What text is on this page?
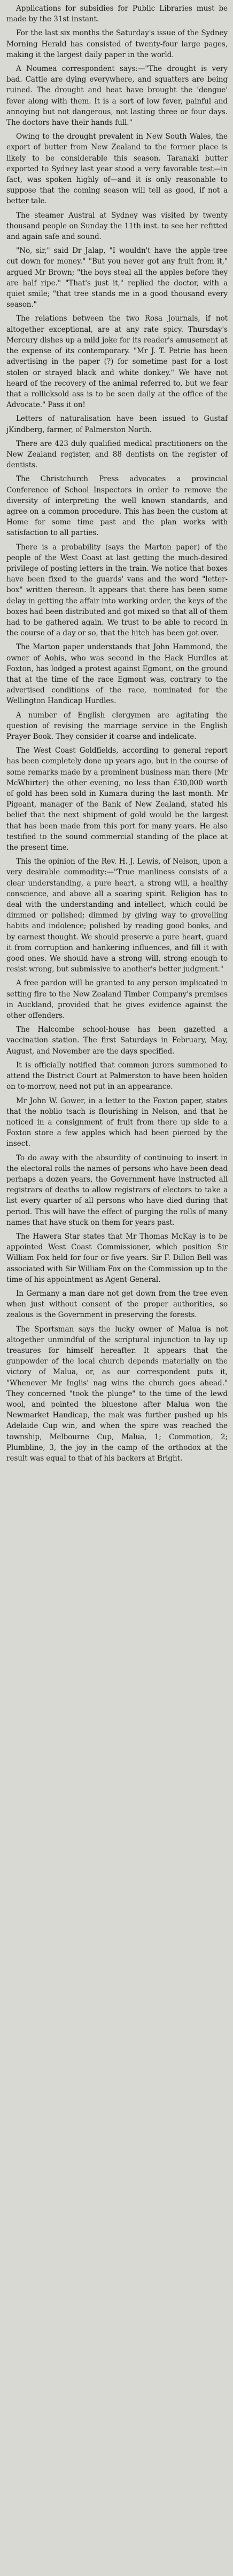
Applications for subsidies for Public Libraries must be made by the 31st instant.

For the last six months the Saturday's issue of the Sydney Morning Herald has consisted of twenty-four large pages, making it the largest daily paper in the world.

A Noumea correspondent says:—"The drought is very bad. Cattle are dying everywhere, and squatters are being ruined. The drought and heat have brought the 'dengue' fever along with them. It is a sort of low fever, painful and annoying but not dangerous, not lasting three or four days. The doctors have their hands full."

Owing to the drought prevalent in New South Wales, the export of butter from New Zealand to the former place is likely to be considerable this season. Taranaki butter exported to Sydney last year stood a very favorable test—in fact, was spoken highly of—and it is only reasonable to suppose that the coming season will tell as good, if not a better tale.

The steamer Austral at Sydney was visited by twenty thousand people on Sunday the 11th inst. to see her refitted and again safe and sound.

"No, sir," said Dr Jalap, "I wouldn't have the apple-tree cut down for money." "But you never got any fruit from it," argued Mr Brown; "the boys steal all the apples before they are half ripe." "That's just it," replied the doctor, with a quiet smile; "that tree stands me in a good thousand every season."

The relations between the two Rosa Journals, if not altogether exceptional, are at any rate spicy. Thursday's Mercury dishes up a mild joke for its reader's amusement at the expense of its contemporary. "Mr J. T. Petrie has been advertising in the paper (?) for sometime past for a lost stolen or strayed black and white donkey." We have not heard of the recovery of the animal referred to, but we fear that a rollicksold ass is to be seen daily at the office of the Advocate." Pass it on!

Letters of naturalisation have been issued to Gustaf jKindberg, farmer, of Palmerston North.

There are 423 duly qualified medical practitioners on the New Zealand register, and 88 dentists on the register of dentists.

The Christchurch Press advocates a provincial Conference of School Inspectors in order to remove the diversity of interpreting the well known standards, and agree on a common procedure. This has been the custom at Home for some time past and the plan works with satisfaction to all parties.

There is a probability (says the Marton paper) of the people of the West Coast at last getting the much-desired privilege of posting letters in the train. We notice that boxes have been fixed to the guards' vans and the word "letter-box" written thereon. It appears that there has been some delay in getting the affair into working order, the keys of the boxes had been distributed and got mixed so that all of them had to be gathered again. We trust to be able to record in the course of a day or so, that the hitch has been got over.

The Marton paper understands that John Hammond, the owner of Aohis, who was second in the Hack Hurdles at Foxton, has lodged a protest against Egmont, on the ground that at the time of the race Egmont was, contrary to the advertised conditions of the race, nominated for the Wellington Handicap Hurdles.

A number of English clergymen are agitating the question of revising the marriage service in the English Prayer Book. They consider it coarse and indelicate.

The West Coast Goldfields, according to general report has been completely done up years ago, but in the course of some remarks made by a prominent business man there (Mr McWhirter) the other evening, no less than £30,000 worth of gold has been sold in Kumara during the last month. Mr Pigeant, manager of the Bank of New Zealand, stated his belief that the next shipment of gold would be the largest that has been made from this port for many years. He also testified to the sound commercial standing of the place at the present time.

This the opinion of the Rev. H. J. Lewis, of Nelson, upon a very desirable commodity:—"True manliness consists of a clear understanding, a pure heart, a strong will, a healthy conscience, and above all a soaring spirit. Religion has to deal with the understanding and intellect, which could be dimmed or polished; dimmed by giving way to grovelling habits and indolence; polished by reading good books, and by earnest thought. We should preserve a pure heart, guard it from corruption and hankering influences, and fill it with good ones. We should have a strong will, strong enough to resist wrong, but submissive to another's better judgment."

A free pardon will be granted to any person implicated in setting fire to the New Zealand Timber Company's premises in Auckland, provided that he gives evidence against the other offenders.

The Halcombe school-house has been gazetted a vaccination station. The first Saturdays in February, May, August, and November are the days specified.

It is officially notified that common jurors summoned to attend the District Court at Palmerston to have been holden on to-morrow, need not put in an appearance.

Mr John W. Gower, in a letter to the Foxton paper, states that the noblio tsach is flourishing in Nelson, and that he noticed in a consignment of fruit from there up side to a Foxton store a few apples which had been pierced by the insect.

To do away with the absurdity of continuing to insert in the electoral rolls the names of persons who have been dead perhaps a dozen years, the Government have instructed all registrars of deaths to allow registrars of electors to take a list every quarter of all persons who have died during that period. This will have the effect of purging the rolls of many names that have stuck on them for years past.

The Hawera Star states that Mr Thomas McKay is to be appointed West Coast Commissioner, which position Sir William Fox held for four or five years. Sir F. Dillon Bell was associated with Sir William Fox on the Commission up to the time of his appointment as Agent-General.

In Germany a man dare not get down from the tree even when just without consent of the proper authorities, so zealous is the Government in preserving the forests.

The Sportsman says the lucky owner of Malua is not altogether unmindful of the scriptural injunction to lay up treasures for himself hereafter. It appears that the gunpowder of the local church depends materially on the victory of Malua, or, as our correspondent puts it, "Whenever Mr Inglis' nag wins the church goes ahead." They concerned "took the plunge" to the time of the lewd wool, and pointed the bluestone after Malua won the Newmarket Handicap, the mak was further pushed up his Adelaide Cup win, and when the spire was reached the township, Melbourne Cup, Malua, 1; Commotion, 2; Plumbline, 3, the joy in the camp of the orthodox at the result was equal to that of his backers at Bright.
